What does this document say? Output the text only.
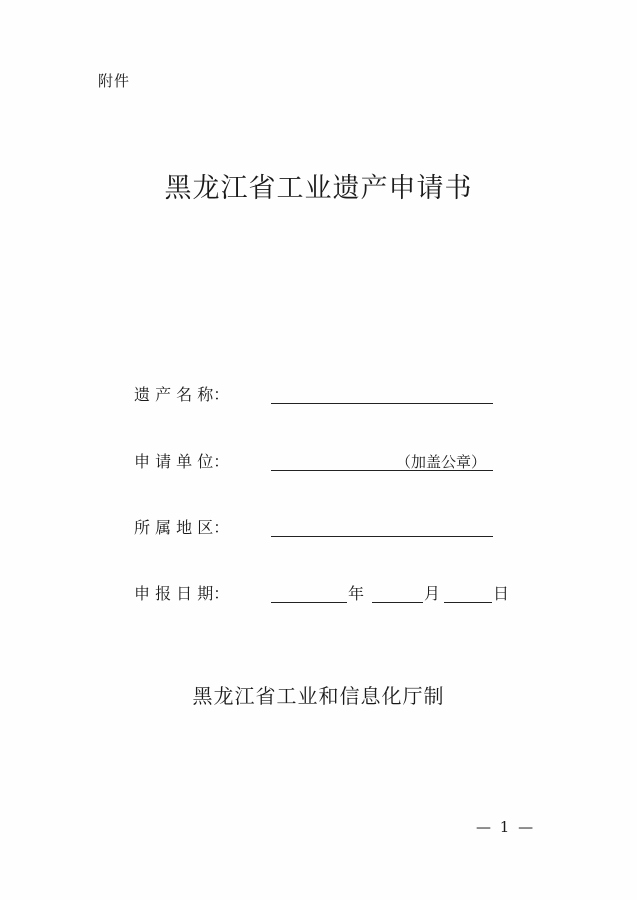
附件
黑龙江省工业遗产申请书
遗 产 名 称：
申 请 单 位：	（加盖公章）
所 属 地 区：
申 报 日 期：	年	月	日
黑龙江省工业和信息化厅制
— 1 —
